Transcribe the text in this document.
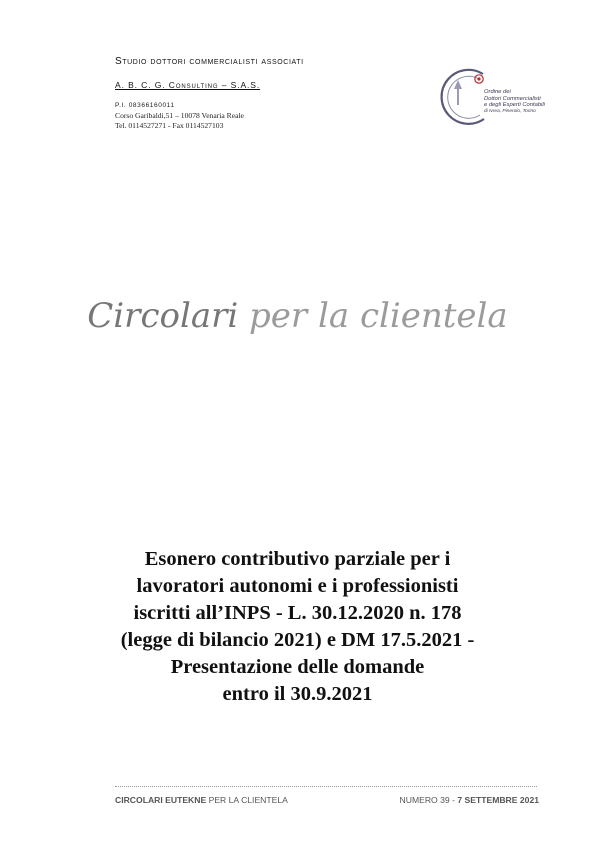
Studio dottori commercialisti associati
A. B. C. G. Consulting – S.A.S.
P.I. 08366160011
Corso Garibaldi,51 – 10078 Venaria Reale
Tel. 0114527271 - Fax 0114527103
Ordine dei
Dottori Commercialisti
e degli Esperti Contabili
di Ivrea, Pinerolo, Torino
Circolari per la clientela
Esonero contributivo parziale per i
lavoratori autonomi e i professionisti
iscritti all’INPS - L. 30.12.2020 n. 178
(legge di bilancio 2021) e DM 17.5.2021 -
Presentazione delle domande
entro il 30.9.2021
CIRCOLARI EUTEKNE PER LA CLIENTELA	NUMERO 39 - 7 SETTEMBRE 2021
